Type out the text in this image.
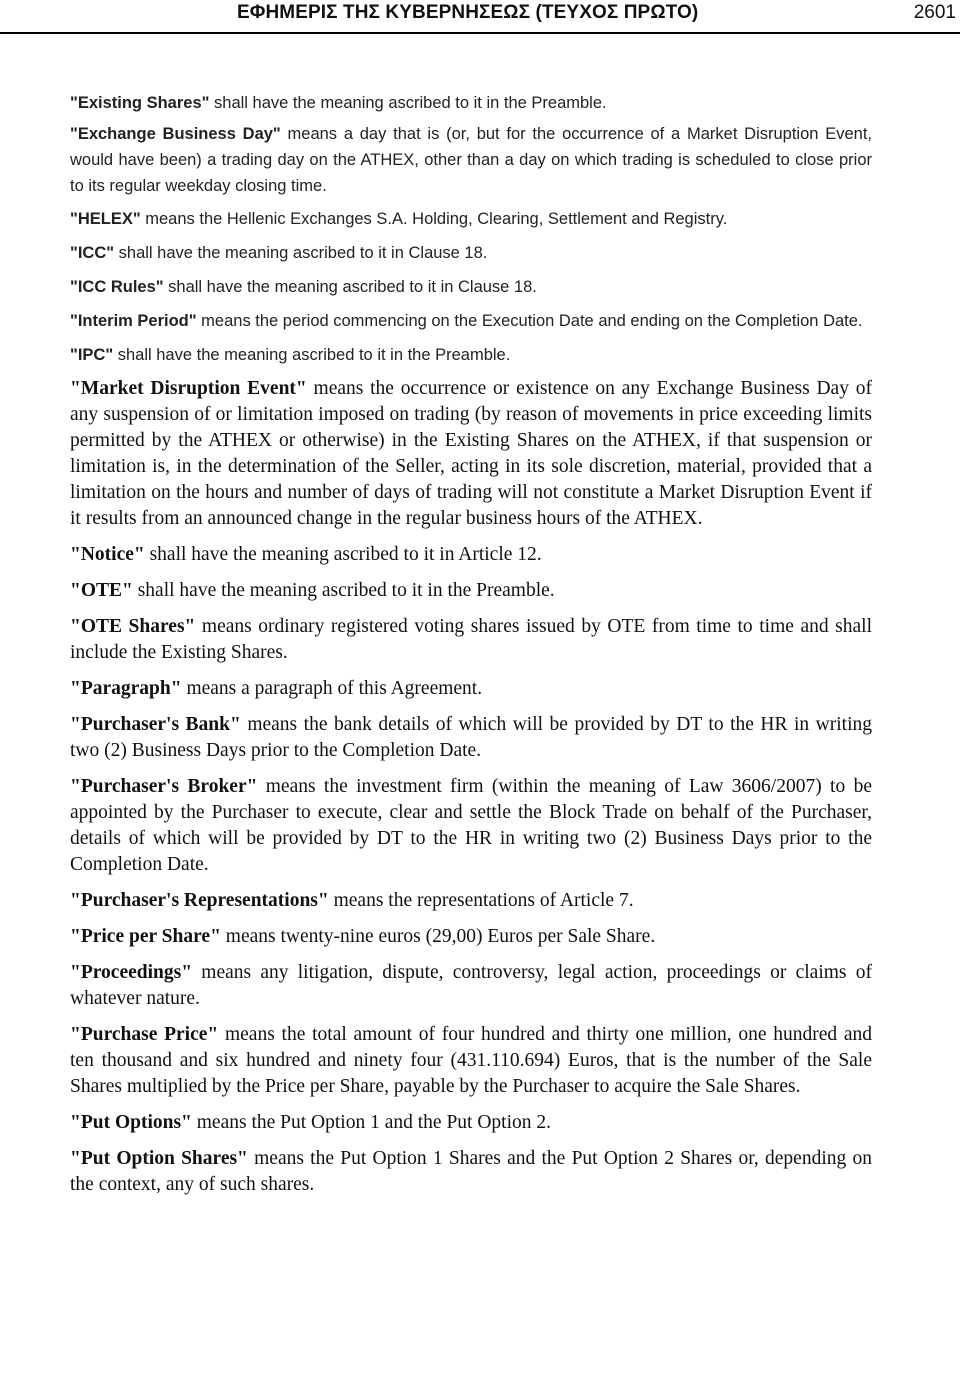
ΕΦΗΜΕΡΙΣ ΤΗΣ ΚΥΒΕΡΝΗΣΕΩΣ (ΤΕΥΧΟΣ ΠΡΩΤΟ)	2601

"Existing Shares" shall have the meaning ascribed to it in the Preamble.

"Exchange Business Day" means a day that is (or, but for the occurrence of a Market Disruption Event, would have been) a trading day on the ATHEX, other than a day on which trading is scheduled to close prior to its regular weekday closing time.

"HELEX" means the Hellenic Exchanges S.A. Holding, Clearing, Settlement and Registry.

"ICC" shall have the meaning ascribed to it in Clause 18.

"ICC Rules" shall have the meaning ascribed to it in Clause 18.

"Interim Period" means the period commencing on the Execution Date and ending on the Completion Date.

"IPC" shall have the meaning ascribed to it in the Preamble.

"Market Disruption Event" means the occurrence or existence on any Exchange Business Day of any suspension of or limitation imposed on trading (by reason of movements in price exceeding limits permitted by the ATHEX or otherwise) in the Existing Shares on the ATHEX, if that suspension or limitation is, in the determination of the Seller, acting in its sole discretion, material, provided that a limitation on the hours and number of days of trading will not constitute a Market Disruption Event if it results from an announced change in the regular business hours of the ATHEX.

"Notice" shall have the meaning ascribed to it in Article 12.

"OTE" shall have the meaning ascribed to it in the Preamble.

"OTE Shares" means ordinary registered voting shares issued by OTE from time to time and shall include the Existing Shares.

"Paragraph" means a paragraph of this Agreement.

"Purchaser's Bank" means the bank details of which will be provided by DT to the HR in writing two (2) Business Days prior to the Completion Date.

"Purchaser's Broker" means the investment firm (within the meaning of Law 3606/2007) to be appointed by the Purchaser to execute, clear and settle the Block Trade on behalf of the Purchaser, details of which will be provided by DT to the HR in writing two (2) Business Days prior to the Completion Date.

"Purchaser's Representations" means the representations of Article 7.

"Price per Share" means twenty-nine euros (29,00) Euros per Sale Share.

"Proceedings" means any litigation, dispute, controversy, legal action, proceedings or claims of whatever nature.

"Purchase Price" means the total amount of four hundred and thirty one million, one hundred and ten thousand and six hundred and ninety four (431.110.694) Euros, that is the number of the Sale Shares multiplied by the Price per Share, payable by the Purchaser to acquire the Sale Shares.

"Put Options" means the Put Option 1 and the Put Option 2.

"Put Option Shares" means the Put Option 1 Shares and the Put Option 2 Shares or, depending on the context, any of such shares.
